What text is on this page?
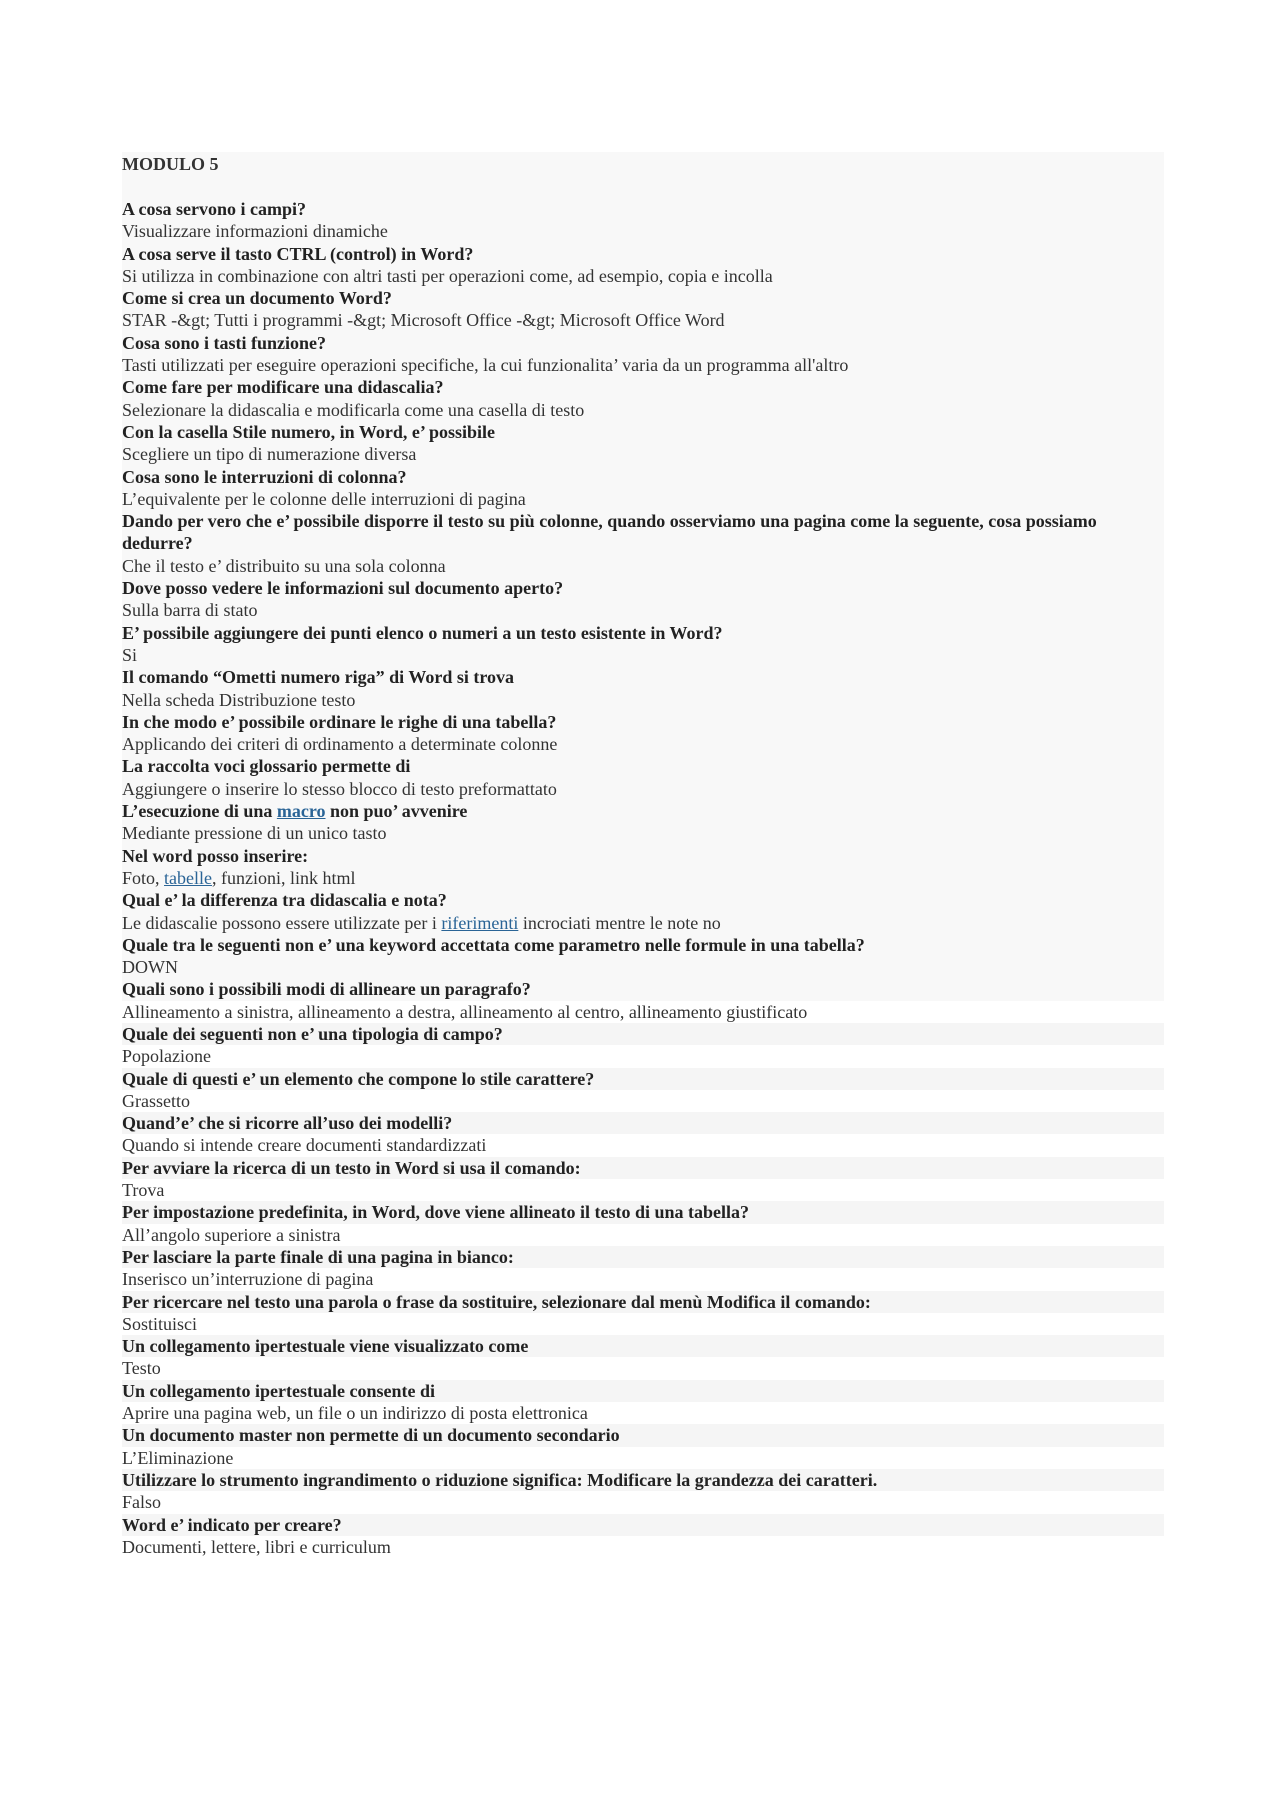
MODULO 5
A cosa servono i campi?
Visualizzare informazioni dinamiche
A cosa serve il tasto CTRL (control) in Word?
Si utilizza in combinazione con altri tasti per operazioni come, ad esempio, copia e incolla
Come si crea un documento Word?
STAR -&gt; Tutti i programmi -&gt; Microsoft Office -&gt; Microsoft Office Word
Cosa sono i tasti funzione?
Tasti utilizzati per eseguire operazioni specifiche, la cui funzionalita’ varia da un programma all'altro
Come fare per modificare una didascalia?
Selezionare la didascalia e modificarla come una casella di testo
Con la casella Stile numero, in Word, e’ possibile
Scegliere un tipo di numerazione diversa
Cosa sono le interruzioni di colonna?
L’equivalente per le colonne delle interruzioni di pagina
Dando per vero che e’ possibile disporre il testo su più colonne, quando osserviamo una pagina come la seguente, cosa possiamo dedurre?
Che il testo e’ distribuito su una sola colonna
Dove posso vedere le informazioni sul documento aperto?
Sulla barra di stato
E’ possibile aggiungere dei punti elenco o numeri a un testo esistente in Word?
Si
Il comando “Ometti numero riga” di Word si trova
Nella scheda Distribuzione testo
In che modo e’ possibile ordinare le righe di una tabella?
Applicando dei criteri di ordinamento a determinate colonne
La raccolta voci glossario permette di
Aggiungere o inserire lo stesso blocco di testo preformattato
L’esecuzione di una macro non puo’ avvenire
Mediante pressione di un unico tasto
Nel word posso inserire:
Foto, tabelle, funzioni, link html
Qual e’ la differenza tra didascalia e nota?
Le didascalie possono essere utilizzate per i riferimenti incrociati mentre le note no
Quale tra le seguenti non e’ una keyword accettata come parametro nelle formule in una tabella?
DOWN
Quali sono i possibili modi di allineare un paragrafo?
Allineamento a sinistra, allineamento a destra, allineamento al centro, allineamento giustificato
Quale dei seguenti non e’ una tipologia di campo?
Popolazione
Quale di questi e’ un elemento che compone lo stile carattere?
Grassetto
Quand’e’ che si ricorre all’uso dei modelli?
Quando si intende creare documenti standardizzati
Per avviare la ricerca di un testo in Word si usa il comando:
Trova
Per impostazione predefinita, in Word, dove viene allineato il testo di una tabella?
All’angolo superiore a sinistra
Per lasciare la parte finale di una pagina in bianco:
Inserisco un’interruzione di pagina
Per ricercare nel testo una parola o frase da sostituire, selezionare dal menù Modifica il comando:
Sostituisci
Un collegamento ipertestuale viene visualizzato come
Testo
Un collegamento ipertestuale consente di
Aprire una pagina web, un file o un indirizzo di posta elettronica
Un documento master non permette di un documento secondario
L’Eliminazione
Utilizzare lo strumento ingrandimento o riduzione significa: Modificare la grandezza dei caratteri.
Falso
Word e’ indicato per creare?
Documenti, lettere, libri e curriculum
